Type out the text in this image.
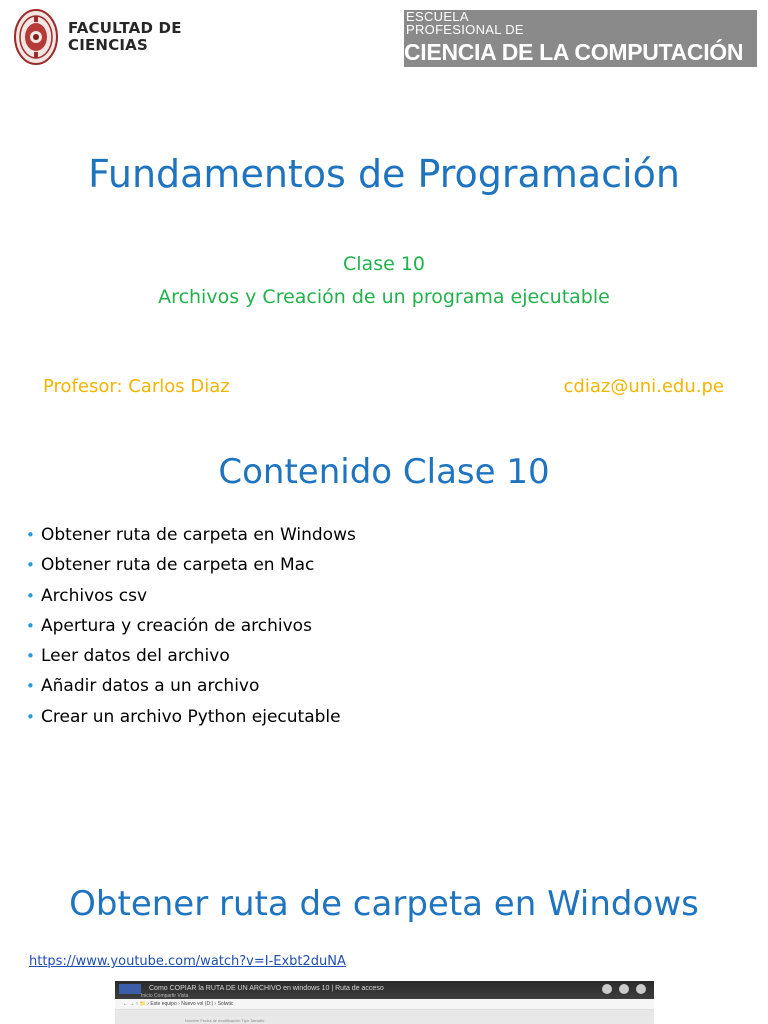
FACULTAD DE
CIENCIAS
ESCUELA
PROFESIONAL DE
CIENCIA DE LA COMPUTACIÓN
Fundamentos de Programación
Clase 10
Archivos y Creación de un programa ejecutable
Profesor: Carlos Diaz	cdiaz@uni.edu.pe
Contenido Clase 10
• Obtener ruta de carpeta en Windows
• Obtener ruta de carpeta en Mac
• Archivos csv
• Apertura y creación de archivos
• Leer datos del archivo
• Añadir datos a un archivo
• Crear un archivo Python ejecutable
Obtener ruta de carpeta en Windows
https://www.youtube.com/watch?v=I-Exbt2duNA
Como COPIAR la RUTA DE UN ARCHIVO en windows 10 | Ruta de acceso
Inicio Compartir Vista
← → ↑ 📁 › Este equipo › Nuevo vol (D:) › Solwtic
Nombre Fecha de modificación Tipo Tamaño
